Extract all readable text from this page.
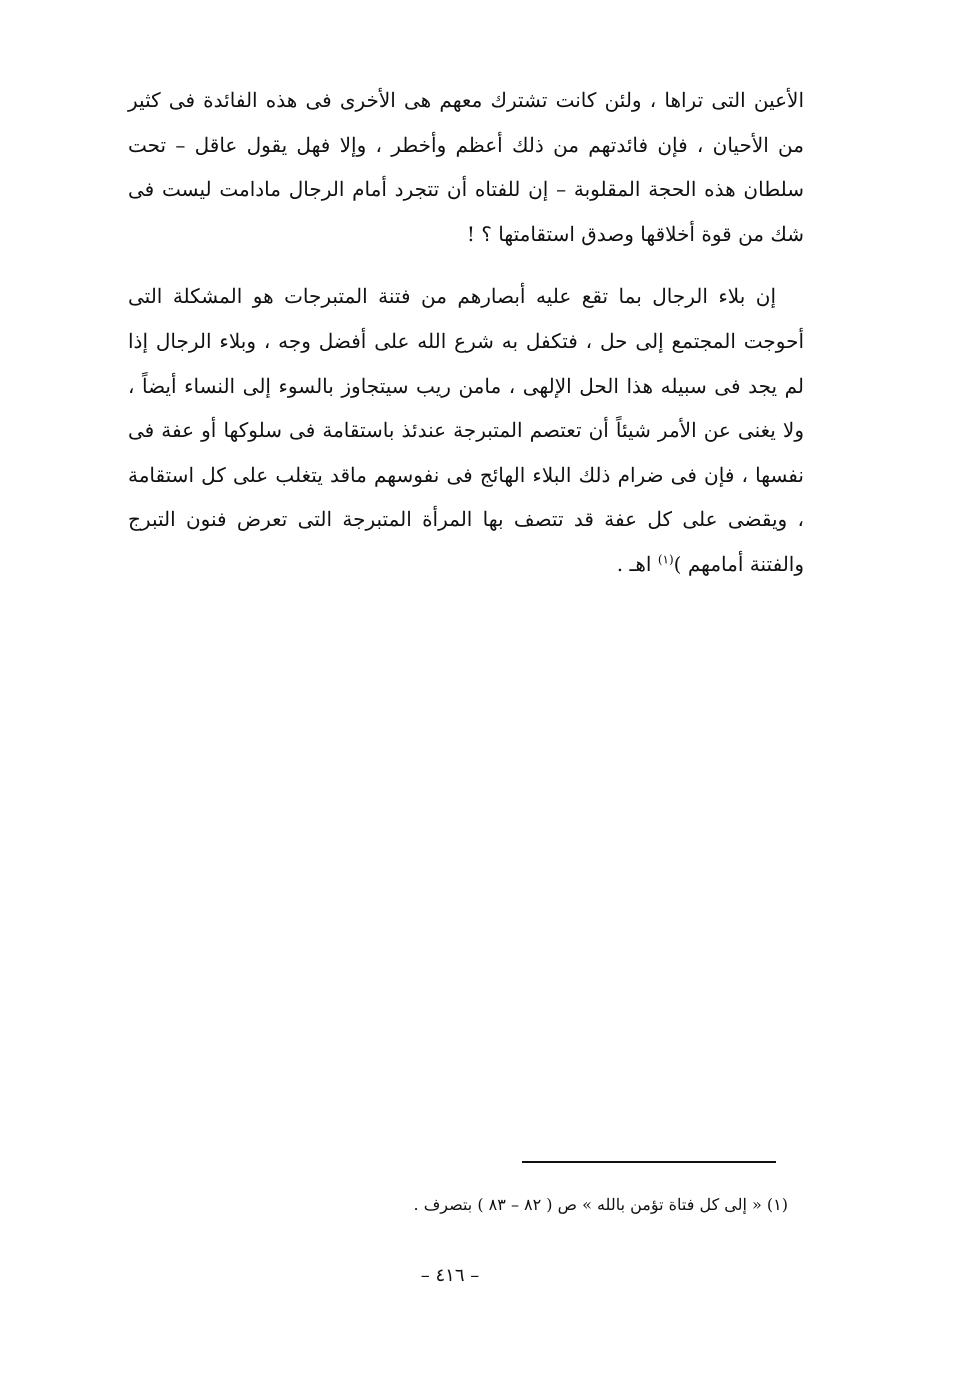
الأعين التى تراها ، ولئن كانت تشترك معهم هى الأخرى فى هذه الفائدة فى كثير من الأحيان ، فإن فائدتهم من ذلك أعظم وأخطر ، وإلا فهل يقول عاقل – تحت سلطان هذه الحجة المقلوبة – إن للفتاه أن تتجرد أمام الرجال مادامت ليست فى شك من قوة أخلاقها وصدق استقامتها ؟ !

إن بلاء الرجال بما تقع عليه أبصارهم من فتنة المتبرجات هو المشكلة التى أحوجت المجتمع إلى حل ، فتكفل به شرع الله على أفضل وجه ، وبلاء الرجال إذا لم يجد فى سبيله هذا الحل الإلهى ، مامن ريب سيتجاوز بالسوء إلى النساء أيضاً ، ولا يغنى عن الأمر شيئاً أن تعتصم المتبرجة عندئذ باستقامة فى سلوكها أو عفة فى نفسها ، فإن فى ضرام ذلك البلاء الهائج فى نفوسهم ماقد يتغلب على كل استقامة ، ويقضى على كل عفة قد تتصف بها المرأة المتبرجة التى تعرض فنون التبرج والفتنة أمامهم )$^{(١)}$ اهـ .

(١) « إلى كل فتاة تؤمن بالله » ص ( ٨٢ – ٨٣ ) بتصرف .
– ٤١٦ –
